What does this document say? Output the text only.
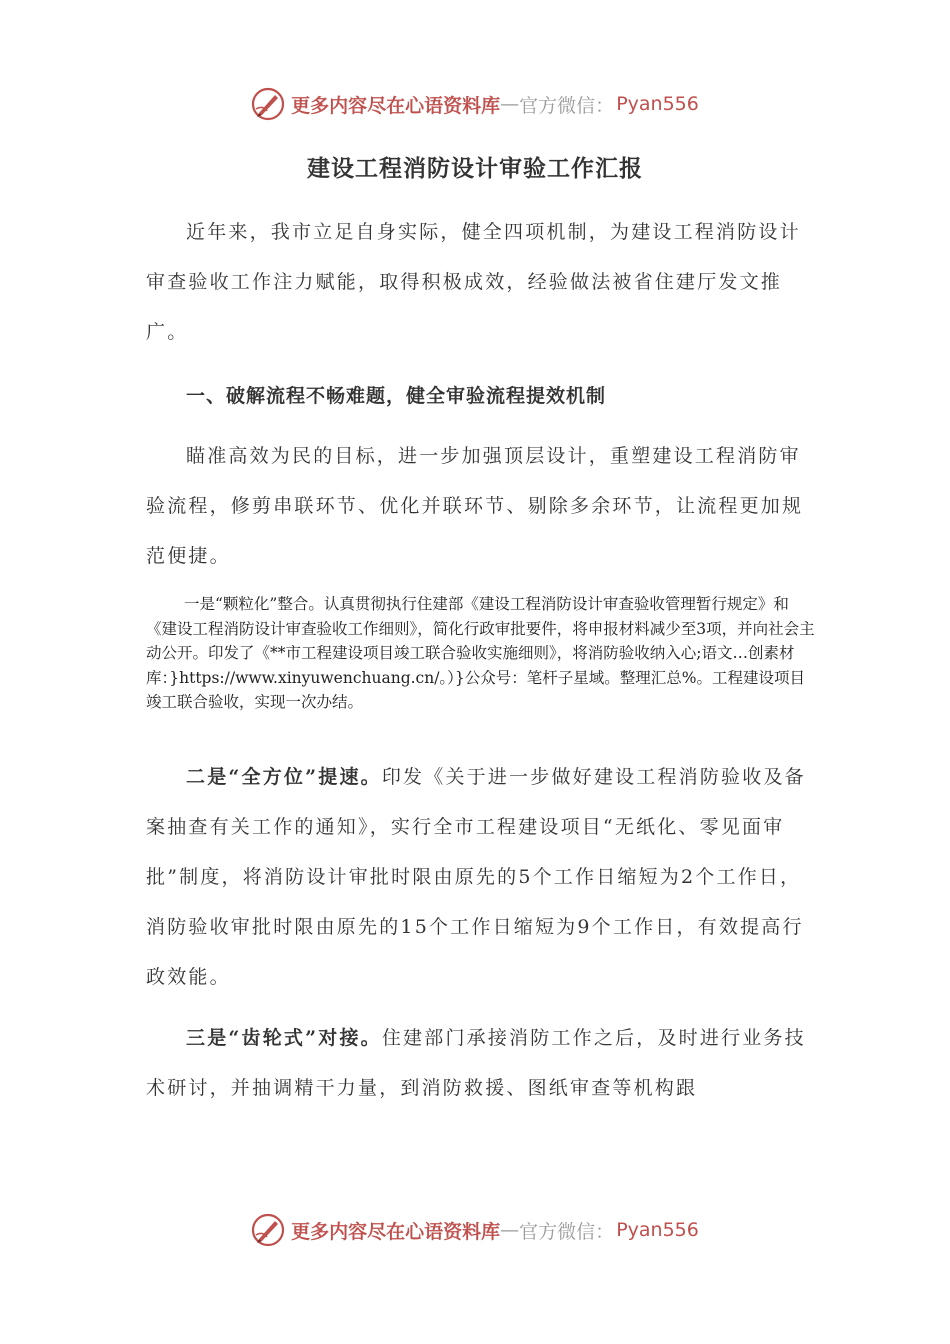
更多内容尽在心语资料库 — 官方微信： Pyan556
建设工程消防设计审验工作汇报

近年来，我市立足自身实际，健全四项机制，为建设工程消防设计审查验收工作注力赋能，取得积极成效，经验做法被省住建厅发文推广。

一、破解流程不畅难题，健全审验流程提效机制

瞄准高效为民的目标，进一步加强顶层设计，重塑建设工程消防审验流程，修剪串联环节、优化并联环节、剔除多余环节，让流程更加规范便捷。

一是“颗粒化”整合。认真贯彻执行住建部《建设工程消防设计审查验收管理暂行规定》和《建设工程消防设计审查验收工作细则》，简化行政审批要件，将申报材料减少至3项，并向社会主动公开。印发了《**市工程建设项目竣工联合验收实施细则》，将消防验收纳入心;语文…创素材库：}https://www.xinyuwenchuang.cn/。）}公众号：笔杆子星域。整理汇总%。工程建设项目竣工联合验收，实现一次办结。

二是“全方位”提速。印发《关于进一步做好建设工程消防验收及备案抽查有关工作的通知》，实行全市工程建设项目“无纸化、零见面审批”制度，将消防设计审批时限由原先的5个工作日缩短为2个工作日，消防验收审批时限由原先的15个工作日缩短为9个工作日，有效提高行政效能。

三是“齿轮式”对接。住建部门承接消防工作之后，及时进行业务技术研讨，并抽调精干力量，到消防救援、图纸审查等机构跟

更多内容尽在心语资料库 — 官方微信： Pyan556
